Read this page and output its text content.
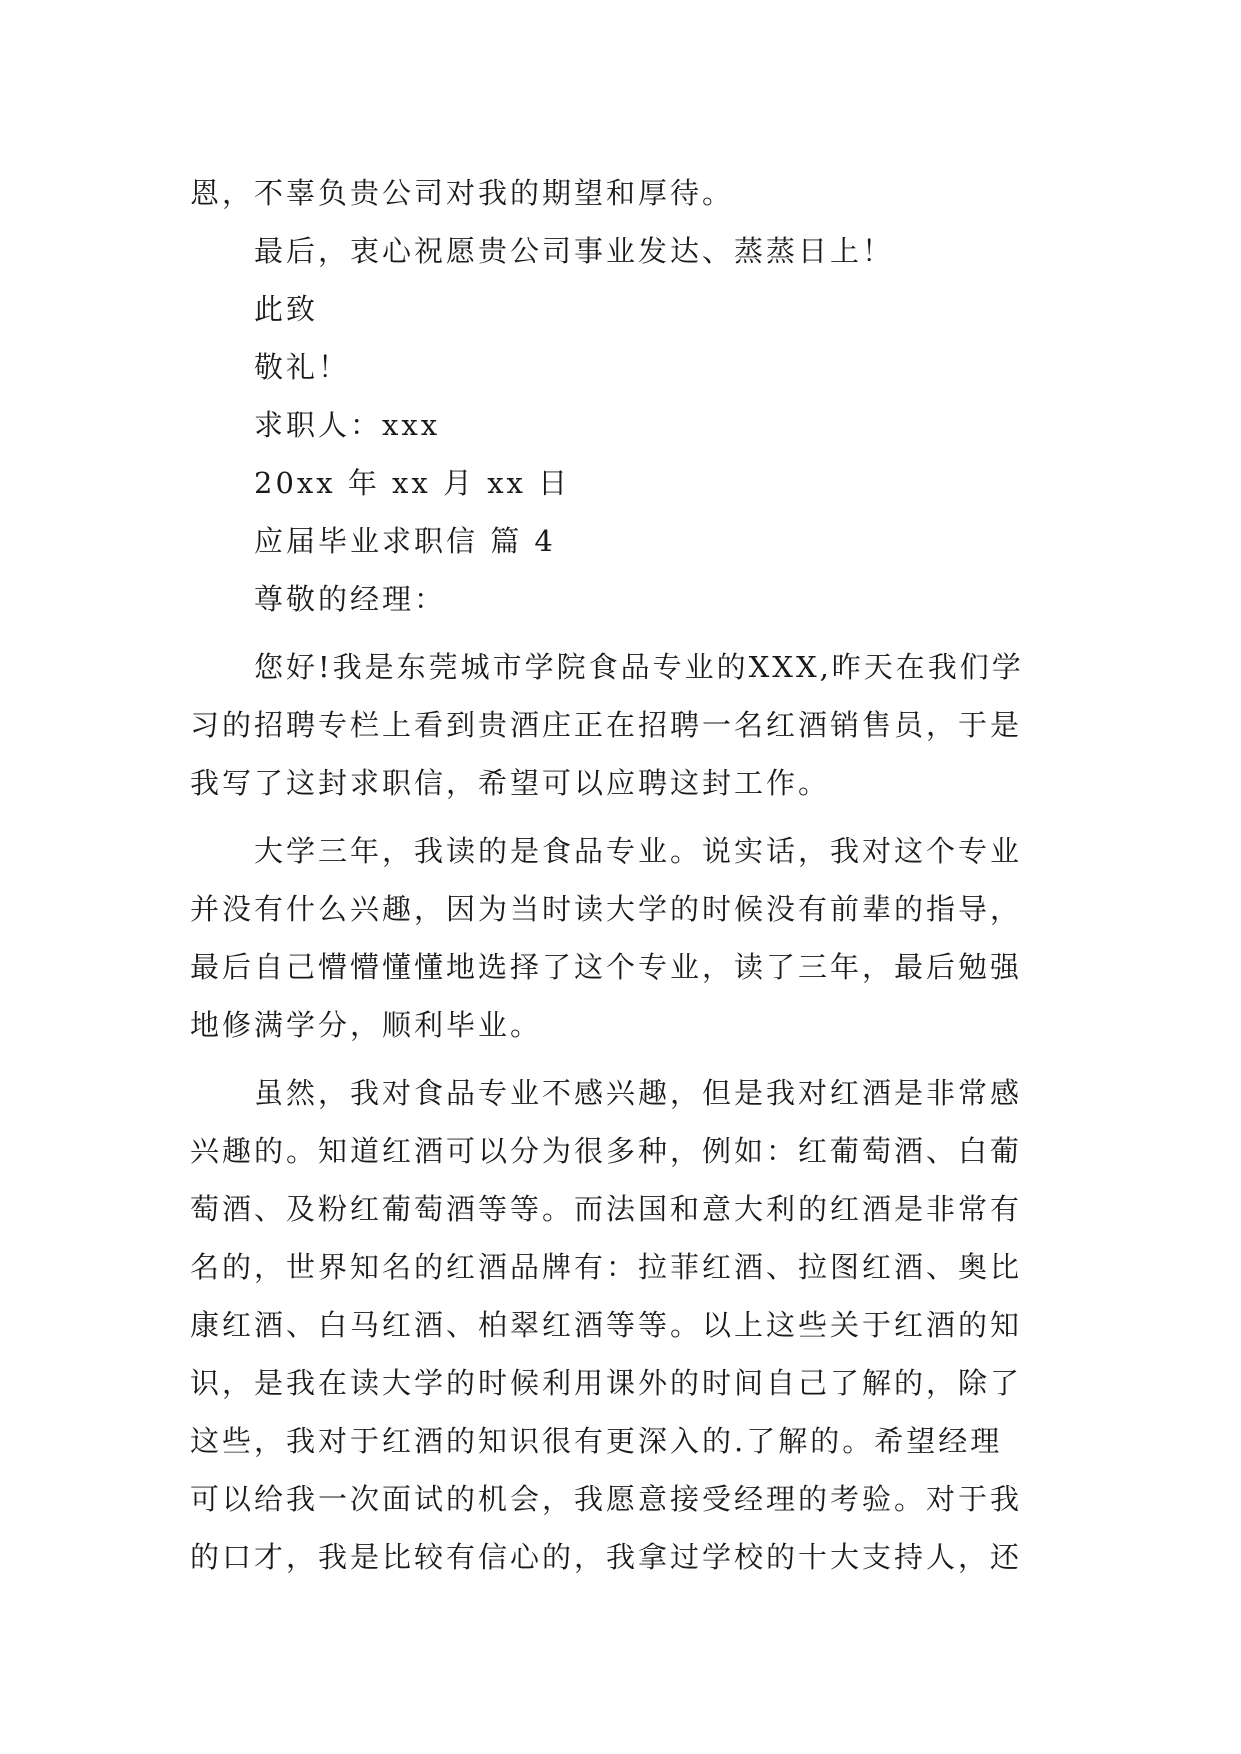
恩，不辜负贵公司对我的期望和厚待。
最后，衷心祝愿贵公司事业发达、蒸蒸日上！
此致
敬礼！
求职人：xxx
20xx 年 xx 月 xx 日
应届毕业求职信 篇 4
尊敬的经理：
您好!我是东莞城市学院食品专业的XXX,昨天在我们学
习的招聘专栏上看到贵酒庄正在招聘一名红酒销售员，于是
我写了这封求职信，希望可以应聘这封工作。
大学三年，我读的是食品专业。说实话，我对这个专业
并没有什么兴趣，因为当时读大学的时候没有前辈的指导，
最后自己懵懵懂懂地选择了这个专业，读了三年，最后勉强
地修满学分，顺利毕业。
虽然，我对食品专业不感兴趣，但是我对红酒是非常感
兴趣的。知道红酒可以分为很多种，例如：红葡萄酒、白葡
萄酒、及粉红葡萄酒等等。而法国和意大利的红酒是非常有
名的，世界知名的红酒品牌有：拉菲红酒、拉图红酒、奥比
康红酒、白马红酒、柏翠红酒等等。以上这些关于红酒的知
识，是我在读大学的时候利用课外的时间自己了解的，除了
这些，我对于红酒的知识很有更深入的.了解的。希望经理
可以给我一次面试的机会，我愿意接受经理的考验。对于我
的口才，我是比较有信心的，我拿过学校的十大支持人，还
